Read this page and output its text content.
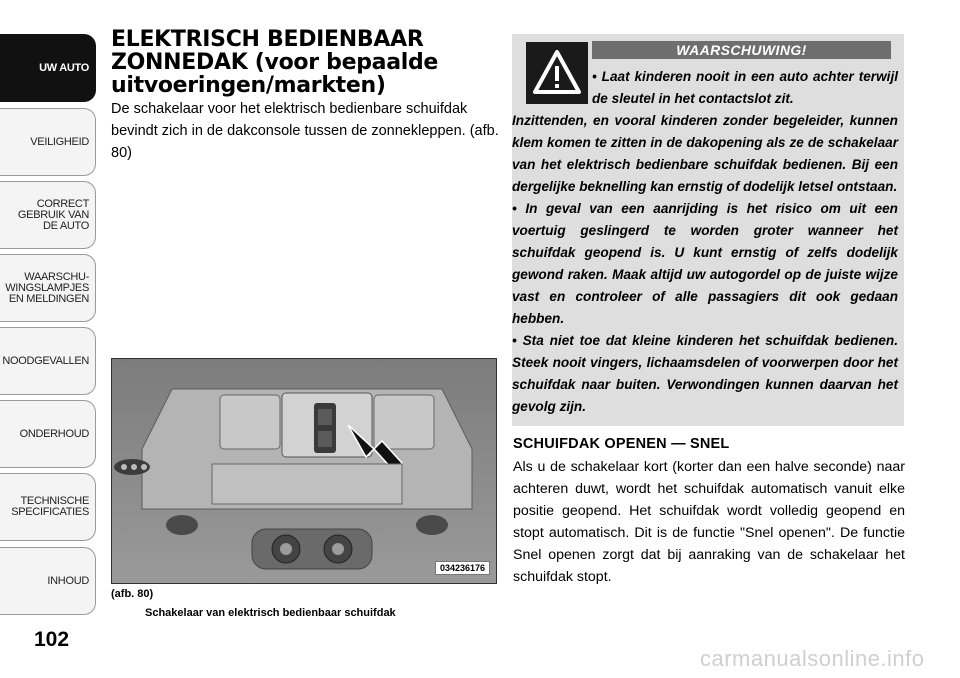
UW AUTO
VEILIGHEID
CORRECT
GEBRUIK VAN
DE AUTO
WAARSCHU-
WINGSLAMPJES
EN MELDINGEN
NOODGEVALLEN
ONDERHOUD
TECHNISCHE
SPECIFICATIES
INHOUD
102
ELEKTRISCH BEDIENBAAR ZONNEDAK (voor bepaalde uitvoeringen/markten)
De schakelaar voor het elektrisch bedienbare schuifdak bevindt zich in de dakconsole tussen de zonnekleppen. (afb. 80)
034236176
(afb. 80)
Schakelaar van elektrisch bedienbaar schuifdak
WAARSCHUWING!
• Laat kinderen nooit in een auto achter terwijl de sleutel in het contactslot zit.
Inzittenden, en vooral kinderen zonder begeleider, kunnen klem komen te zitten in de dakopening als ze de schakelaar van het elektrisch bedienbare schuifdak bedienen. Bij een dergelijke beknelling kan ernstig of dodelijk letsel ontstaan.
• In geval van een aanrijding is het risico om uit een voertuig geslingerd te worden groter wanneer het schuifdak geopend is. U kunt ernstig of zelfs dodelijk gewond raken. Maak altijd uw autogordel op de juiste wijze vast en controleer of alle passagiers dit ook gedaan hebben.
• Sta niet toe dat kleine kinderen het schuifdak bedienen. Steek nooit vingers, lichaamsdelen of voorwerpen door het schuifdak naar buiten. Verwondingen kunnen daarvan het gevolg zijn.
SCHUIFDAK OPENEN — SNEL
Als u de schakelaar kort (korter dan een halve seconde) naar achteren duwt, wordt het schuifdak automatisch vanuit elke positie geopend. Het schuifdak wordt volledig geopend en stopt automatisch. Dit is de functie "Snel openen". De functie Snel openen zorgt dat bij aanraking van de schakelaar het schuifdak stopt.
carmanualsonline.info
